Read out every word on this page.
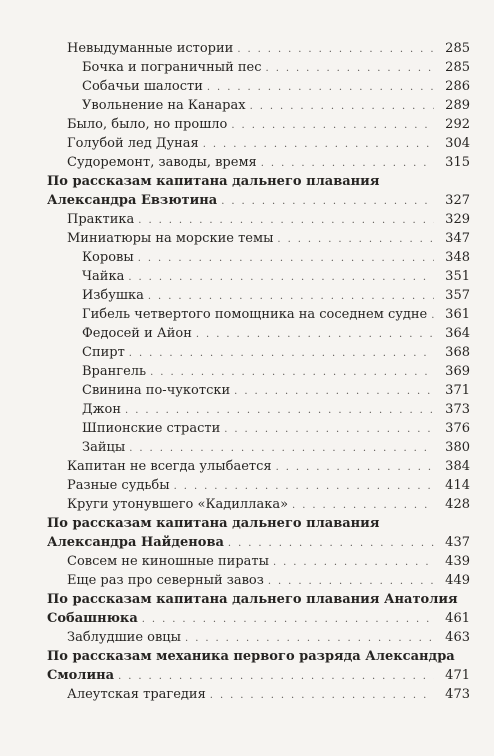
Невыдуманные истории . . .	285
Бочка и пограничный пес . . .	285
Собачьи шалости . . .	286
Увольнение на Канарах . . .	289
Было, было, но прошло . . .	292
Голубой лед Дуная . . .	304
Судоремонт, заводы, время . . .	315
По рассказам капитана дальнего плавания
Александра Евзютина . . .	327
Практика . . .	329
Миниатюры на морские темы . . .	347
Коровы . . .	348
Чайка . . .	351
Избушка . . .	357
Гибель четвертого помощника на соседнем судне . . .	361
Федосей и Айон . . .	364
Спирт . . .	368
Врангель . . .	369
Свинина по-чукотски . . .	371
Джон . . .	373
Шпионские страсти . . .	376
Зайцы . . .	380
Капитан не всегда улыбается . . .	384
Разные судьбы . . .	414
Круги утонувшего «Кадиллака» . . .	428
По рассказам капитана дальнего плавания
Александра Найденова . . .	437
Совсем не киношные пираты . . .	439
Еще раз про северный завоз . . .	449
По рассказам капитана дальнего плавания Анатолия
Собашнюка . . .	461
Заблудшие овцы . . .	463
По рассказам механика первого разряда Александра
Смолина . . .	471
Алеутская трагедия . . .	473
